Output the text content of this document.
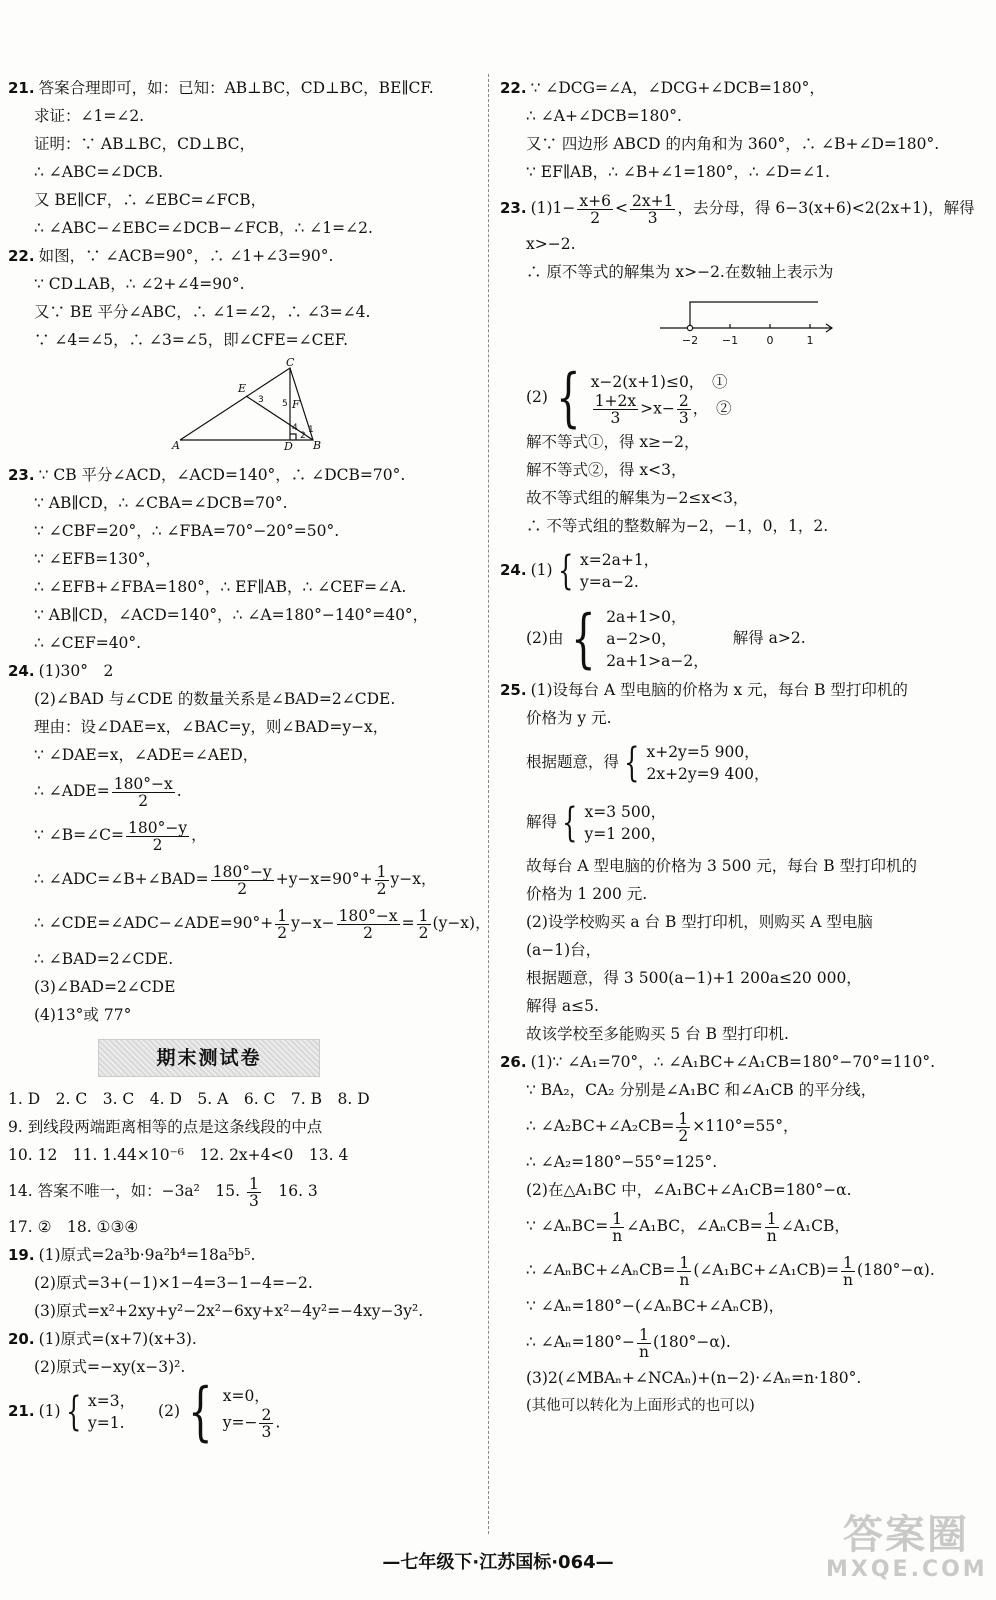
21. 答案合理即可，如：已知：AB⊥BC，CD⊥BC，BE∥CF.
求证：∠1=∠2.
证明：∵ AB⊥BC，CD⊥BC，
∴ ∠ABC=∠DCB.
又 BE∥CF，∴ ∠EBC=∠FCB，
∴ ∠ABC−∠EBC=∠DCB−∠FCB，∴ ∠1=∠2.
22. 如图，∵ ∠ACB=90°，∴ ∠1+∠3=90°.
∵ CD⊥AB，∴ ∠2+∠4=90°.
又∵ BE 平分∠ABC，∴ ∠1=∠2，∴ ∠3=∠4.
∵ ∠4=∠5，∴ ∠3=∠5，即∠CFE=∠CEF.
A	B
C
D
E
F
1
2
3
4
5
23. ∵ CB 平分∠ACD，∠ACD=140°，∴ ∠DCB=70°.
∵ AB∥CD，∴ ∠CBA=∠DCB=70°.
∵ ∠CBF=20°，∴ ∠FBA=70°−20°=50°.
∵ ∠EFB=130°，
∴ ∠EFB+∠FBA=180°，∴ EF∥AB，∴ ∠CEF=∠A.
∵ AB∥CD，∠ACD=140°，∴ ∠A=180°−140°=40°，
∴ ∠CEF=40°.
24. (1)30°　2
(2)∠BAD 与∠CDE 的数量关系是∠BAD=2∠CDE.
理由：设∠DAE=x，∠BAC=y，则∠BAD=y−x，
∵ ∠DAE=x，∠ADE=∠AED，
∴ ∠ADE= $\frac{180^\circ-x}{2}$ .
∵ ∠B=∠C= $\frac{180^\circ-y}{2}$ ，
∴ ∠ADC=∠B+∠BAD= $\frac{180^\circ-y}{2} +y-x=90^\circ+ \frac{1}{2} y-x$，
∴ ∠CDE=∠ADC−∠ADE=90°+ $\frac{1}{2} y-x- \frac{180^\circ-x}{2} = \frac{1}{2} (y-x)$，
∴ ∠BAD=2∠CDE.
(3)∠BAD=2∠CDE
(4)13°或 77°
期末测试卷
1. D　2. C　3. C　4. D　5. A　6. C　7. B　8. D
9. 到线段两端距离相等的点是这条线段的中点
10. 12　11. 1.44×10⁻⁶　12. 2x+4<0　13. 4
14. 答案不唯一，如：−3a²　15. $\frac{1}{3}$ 　16. 3
17. ②　18. ①③④
19. (1)原式=2a³b·9a²b⁴=18a⁵b⁵.
(2)原式=3+(−1)×1−4=3−1−4=−2.
(3)原式=x²+2xy+y²−2x²−6xy+x²−4y²=−4xy−3y².
20. (1)原式=(x+7)(x+3).
(2)原式=−xy(x−3)².
21. (1) { x=3，
y=1.
(2) { x=0，
$y=- \frac{2}{3}$ .
22. ∵ ∠DCG=∠A，∠DCG+∠DCB=180°，
∴ ∠A+∠DCB=180°.
又∵ 四边形 ABCD 的内角和为 360°，∴ ∠B+∠D=180°.
∵ EF∥AB，∴ ∠B+∠1=180°，∴ ∠D=∠1.
23. $(1)1- \frac{x+6}{2} < \frac{2x+1}{3}$ ，去分母，得 6−3(x+6)<2(2x+1)，解得
x>−2.
∴ 原不等式的解集为 x>−2.在数轴上表示为
−2 −1	0	1
(2) { x−2(x+1)≤0，　①
$\frac{1+2x}{3} >x- \frac{2}{3}$ ，　②
解不等式①，得 x≥−2，
解不等式②，得 x<3，
故不等式组的解集为−2≤x<3，
∴ 不等式组的整数解为−2，−1，0，1，2.
24. (1) { x=2a+1，
y=a−2.
(2)由 { 2a+1>0，
a−2>0，
2a+1>a−2，
解得 a>2.
25. (1)设每台 A 型电脑的价格为 x 元，每台 B 型打印机的
价格为 y 元.
根据题意，得 { x+2y=5 900，
2x+2y=9 400，
解得 { x=3 500，
y=1 200，
故每台 A 型电脑的价格为 3 500 元，每台 B 型打印机的
价格为 1 200 元.
(2)设学校购买 a 台 B 型打印机，则购买 A 型电脑
(a−1)台，
根据题意，得 3 500(a−1)+1 200a≤20 000，
解得 a≤5.
故该学校至多能购买 5 台 B 型打印机.
26. (1)∵ ∠A₁=70°，∴ ∠A₁BC+∠A₁CB=180°−70°=110°.
∵ BA₂，CA₂ 分别是∠A₁BC 和∠A₁CB 的平分线，
∴ ∠A₂BC+∠A₂CB= $\frac{1}{2} \times 110^\circ=55^\circ$，
∴ ∠A₂=180°−55°=125°.
(2)在△A₁BC 中，∠A₁BC+∠A₁CB=180°−α.
∵ ∠AₙBC= $\frac{1}{n}$ ∠A₁BC，∠AₙCB= $\frac{1}{n}$ ∠A₁CB，
∴ ∠AₙBC+∠AₙCB= $\frac{1}{n}$ (∠A₁BC+∠A₁CB)= $\frac{1}{n} (180^\circ-\alpha)$.
∵ ∠Aₙ=180°−(∠AₙBC+∠AₙCB)，
∴ ∠Aₙ=180°− $\frac{1}{n} (180^\circ-\alpha)$.
(3)2(∠MBAₙ+∠NCAₙ)+(n−2)·∠Aₙ=n·180°.
(其他可以转化为上面形式的也可以)
—七年级下·江苏国标·064—
答案圈
MXQE.COM
